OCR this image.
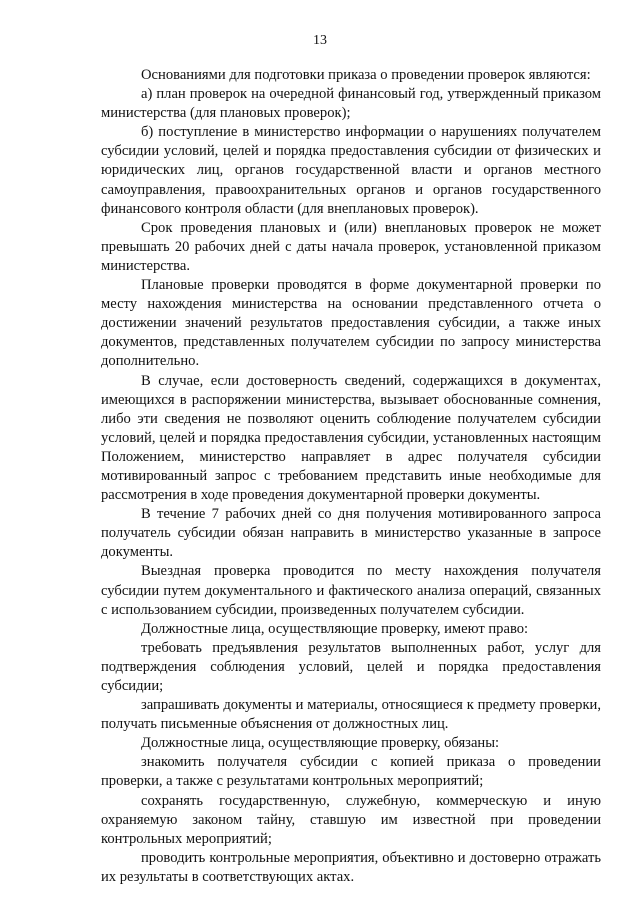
13

Основаниями для подготовки приказа о проведении проверок являются:

а) план проверок на очередной финансовый год, утвержденный приказом министерства (для плановых проверок);

б) поступление в министерство информации о нарушениях получателем субсидии условий, целей и порядка предоставления субсидии от физических и юридических лиц, органов государственной власти и органов местного самоуправления, правоохранительных органов и органов государственного финансового контроля области (для внеплановых проверок).

Срок проведения плановых и (или) внеплановых проверок не может превышать 20 рабочих дней с даты начала проверок, установленной приказом министерства.

Плановые проверки проводятся в форме документарной проверки по месту нахождения министерства на основании представленного отчета о достижении значений результатов предоставления субсидии, а также иных документов, представленных получателем субсидии по запросу министерства дополнительно.

В случае, если достоверность сведений, содержащихся в документах, имеющихся в распоряжении министерства, вызывает обоснованные сомнения, либо эти сведения не позволяют оценить соблюдение получателем субсидии условий, целей и порядка предоставления субсидии, установленных настоящим Положением, министерство направляет в адрес получателя субсидии мотивированный запрос с требованием представить иные необходимые для рассмотрения в ходе проведения документарной проверки документы.

В течение 7 рабочих дней со дня получения мотивированного запроса получатель субсидии обязан направить в министерство указанные в запросе документы.

Выездная проверка проводится по месту нахождения получателя субсидии путем документального и фактического анализа операций, связанных с использованием субсидии, произведенных получателем субсидии.

Должностные лица, осуществляющие проверку, имеют право:

требовать предъявления результатов выполненных работ, услуг для подтверждения соблюдения условий, целей и порядка предоставления субсидии;

запрашивать документы и материалы, относящиеся к предмету проверки, получать письменные объяснения от должностных лиц.

Должностные лица, осуществляющие проверку, обязаны:

знакомить получателя субсидии с копией приказа о проведении проверки, а также с результатами контрольных мероприятий;

сохранять государственную, служебную, коммерческую и иную охраняемую законом тайну, ставшую им известной при проведении контрольных мероприятий;

проводить контрольные мероприятия, объективно и достоверно отражать их результаты в соответствующих актах.
